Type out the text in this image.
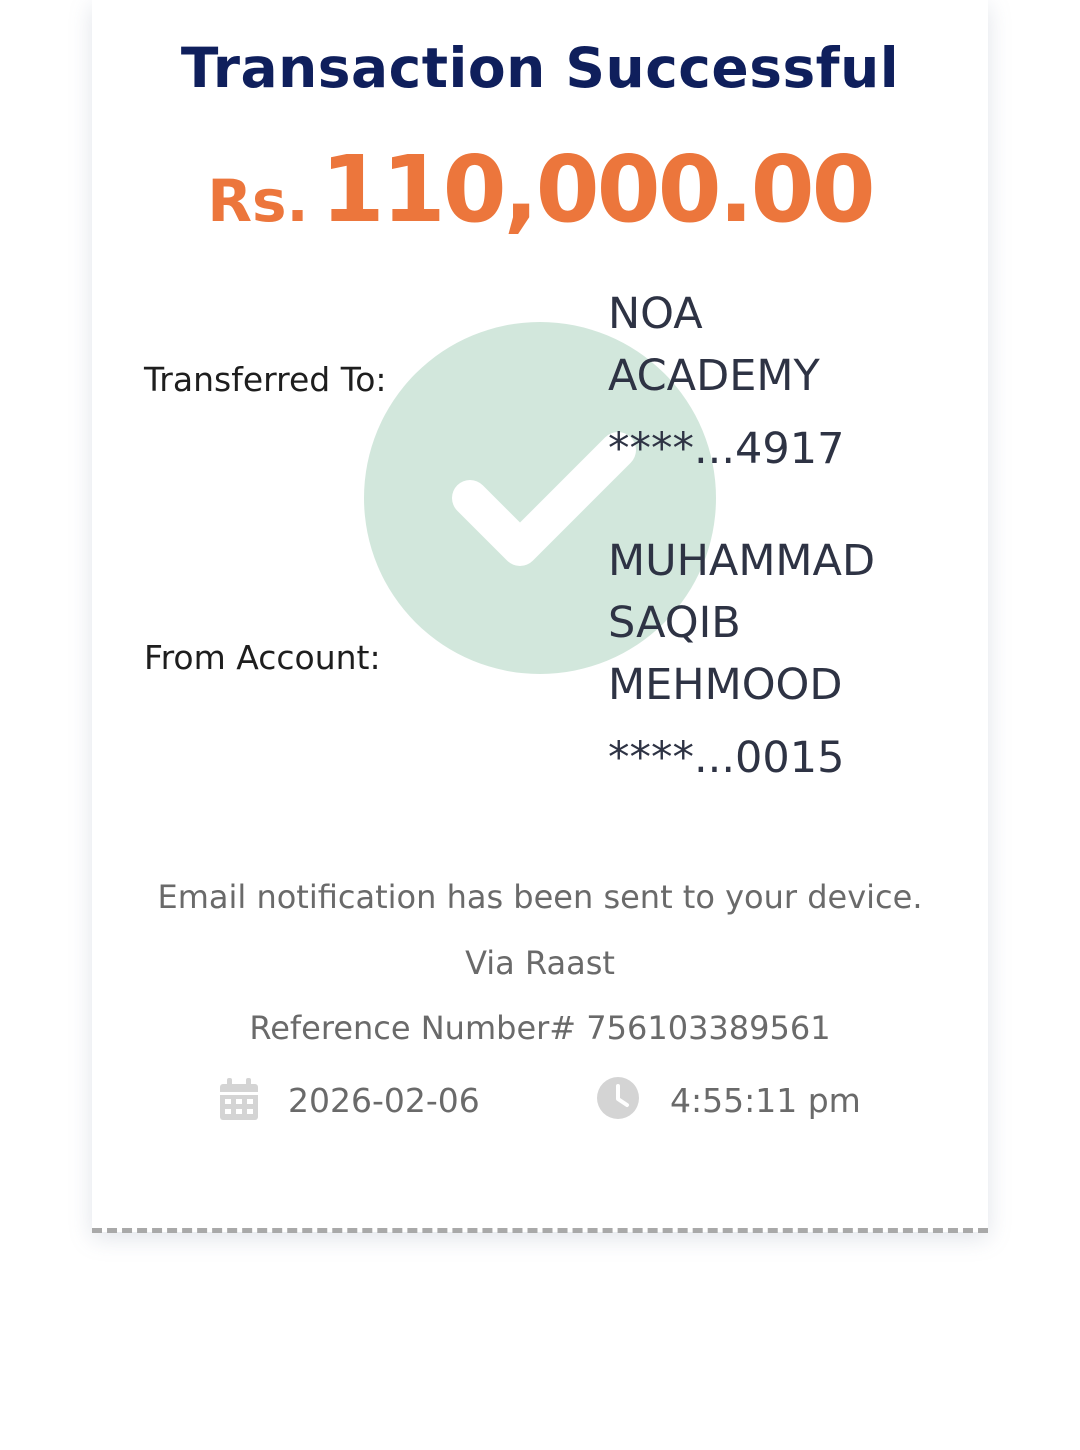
Transaction Successful
Rs. 110,000.00
Transferred To:
NOA
ACADEMY
****...4917
From Account:
MUHAMMAD
SAQIB
MEHMOOD
****...0015
Email notification has been sent to your device.
Via Raast
Reference Number# 756103389561
2026-02-06	4:55:11 pm
